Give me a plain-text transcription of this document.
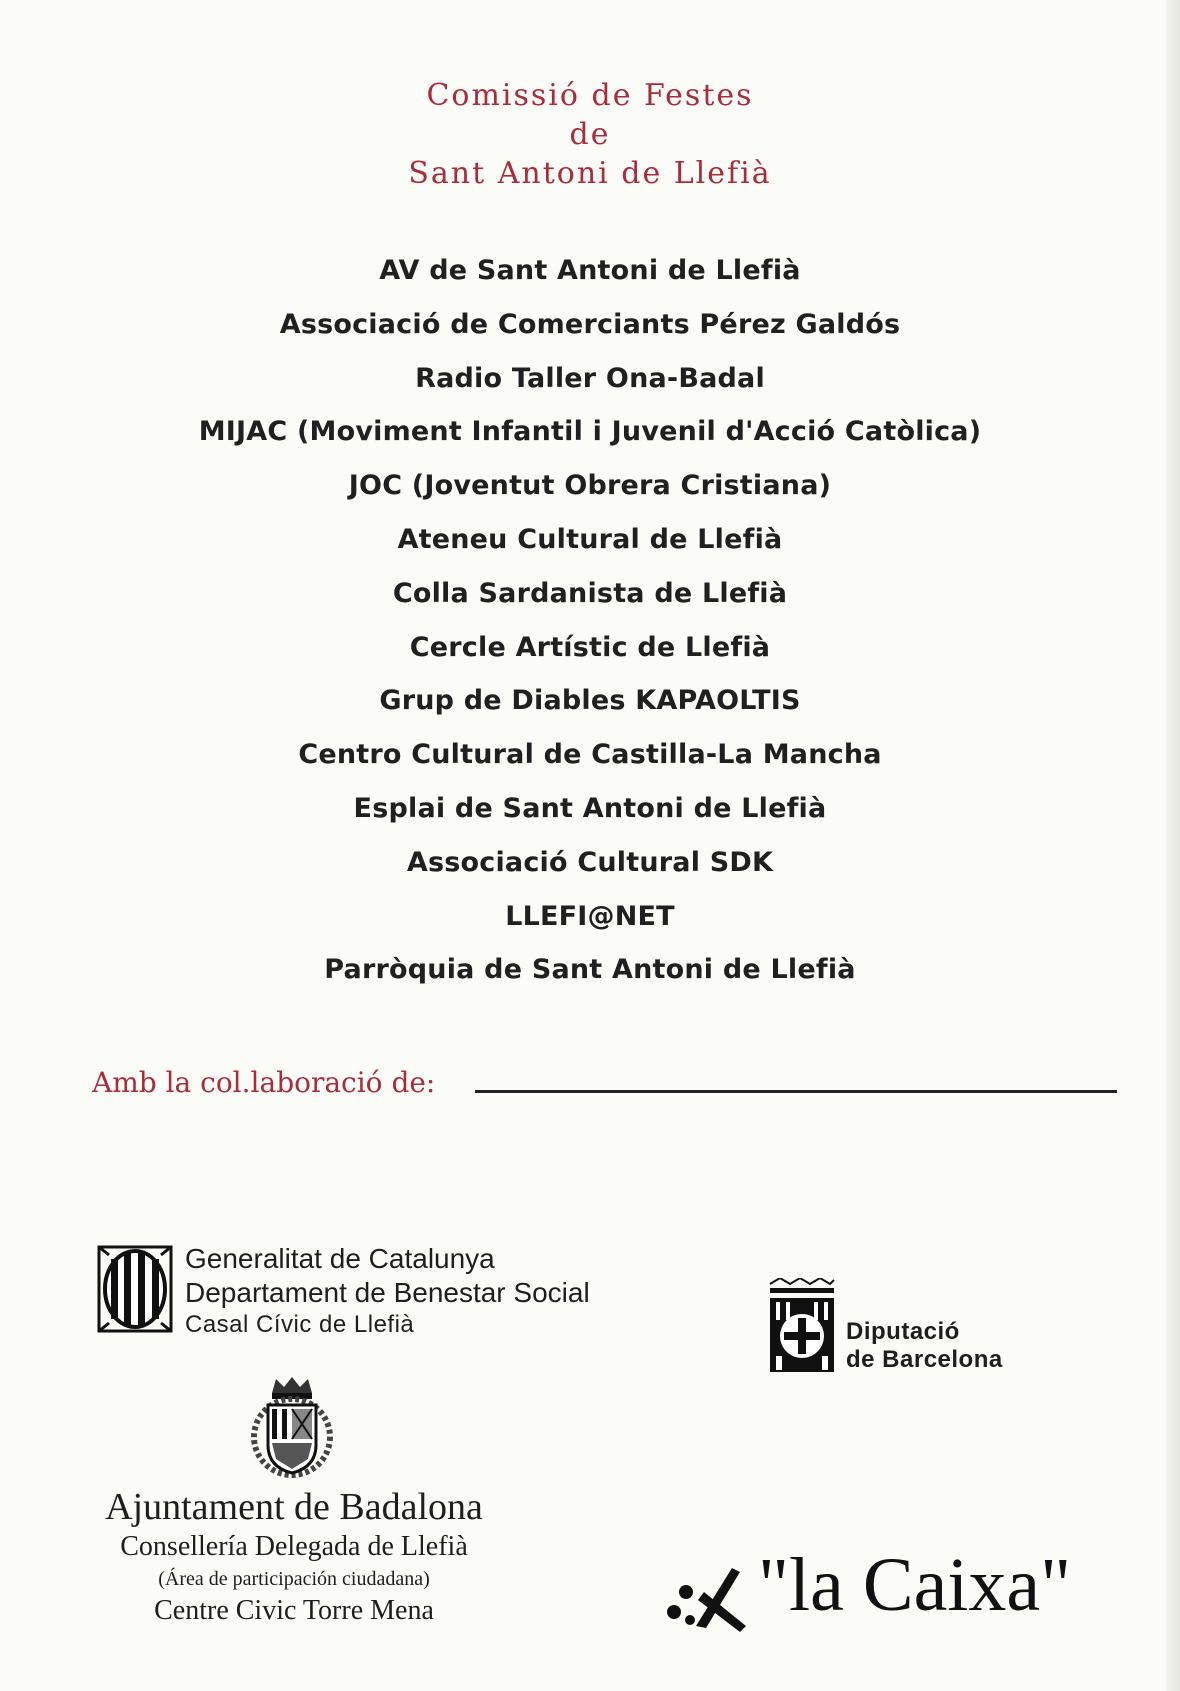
Comissió de Festes
de
Sant Antoni de Llefià
AV de Sant Antoni de Llefià
Associació de Comerciants Pérez Galdós
Radio Taller Ona-Badal
MIJAC (Moviment Infantil i Juvenil d'Acció Catòlica)
JOC (Joventut Obrera Cristiana)
Ateneu Cultural de Llefià
Colla Sardanista de Llefià
Cercle Artístic de Llefià
Grup de Diables KAPAOLTIS
Centro Cultural de Castilla-La Mancha
Esplai de Sant Antoni de Llefià
Associació Cultural SDK
LLEFI@NET
Parròquia de Sant Antoni de Llefià
Amb la col.laboració de:
Generalitat de Catalunya
Departament de Benestar Social
Casal Cívic de Llefià	Diputació
de Barcelona
Ajuntament de Badalona
Consellería Delegada de Llefià
(Área de participación ciudadana)
Centre Civic Torre Mena	"la Caixa"
